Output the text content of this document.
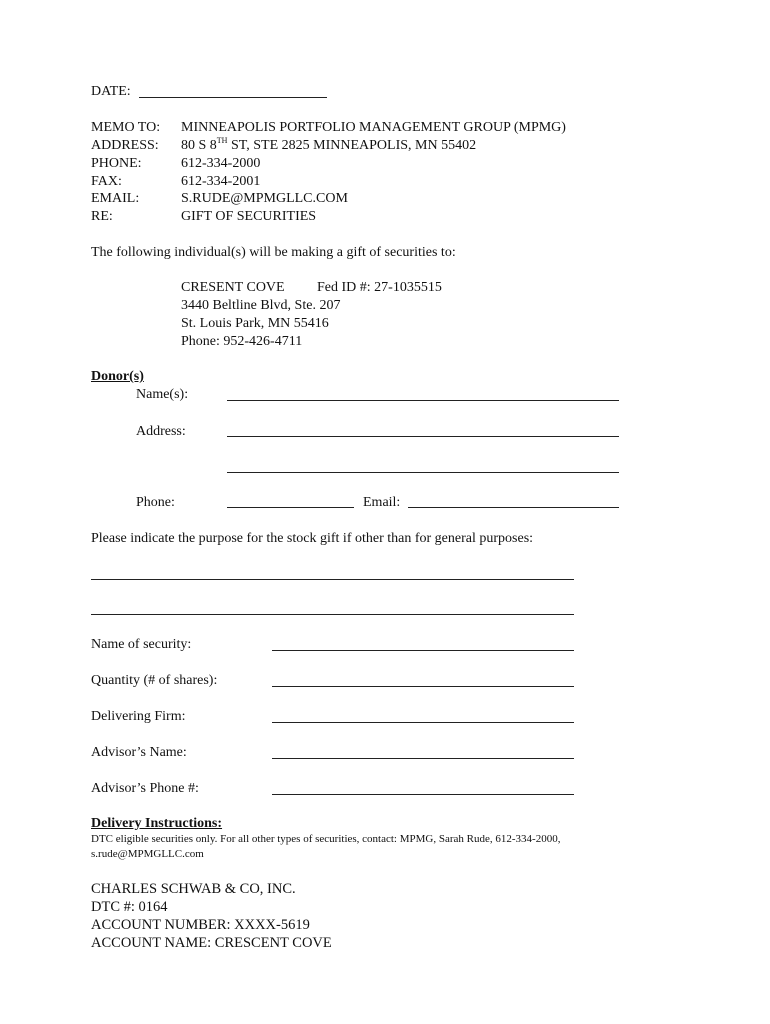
DATE:
MEMO TO: MINNEAPOLIS PORTFOLIO MANAGEMENT GROUP (MPMG)
ADDRESS: 80 S 8TH ST, STE 2825 MINNEAPOLIS, MN 55402
PHONE:	612-334-2000
FAX:	612-334-2001
EMAIL:	S.RUDE@MPMGLLC.COM
RE:	GIFT OF SECURITIES
The following individual(s) will be making a gift of securities to:
CRESENT COVE Fed ID #: 27-1035515
3440 Beltline Blvd, Ste. 207
St. Louis Park, MN 55416
Phone: 952-426-4711
Donor(s)
Name(s):
Address:
Phone:	Email:
Please indicate the purpose for the stock gift if other than for general purposes:
Name of security:
Quantity (# of shares):
Delivering Firm:
Advisor’s Name:
Advisor’s Phone #:
Delivery Instructions:
DTC eligible securities only. For all other types of securities, contact: MPMG, Sarah Rude, 612-334-2000,
s.rude@MPMGLLC.com
CHARLES SCHWAB & CO, INC.
DTC #: 0164
ACCOUNT NUMBER: XXXX-5619
ACCOUNT NAME: CRESCENT COVE
